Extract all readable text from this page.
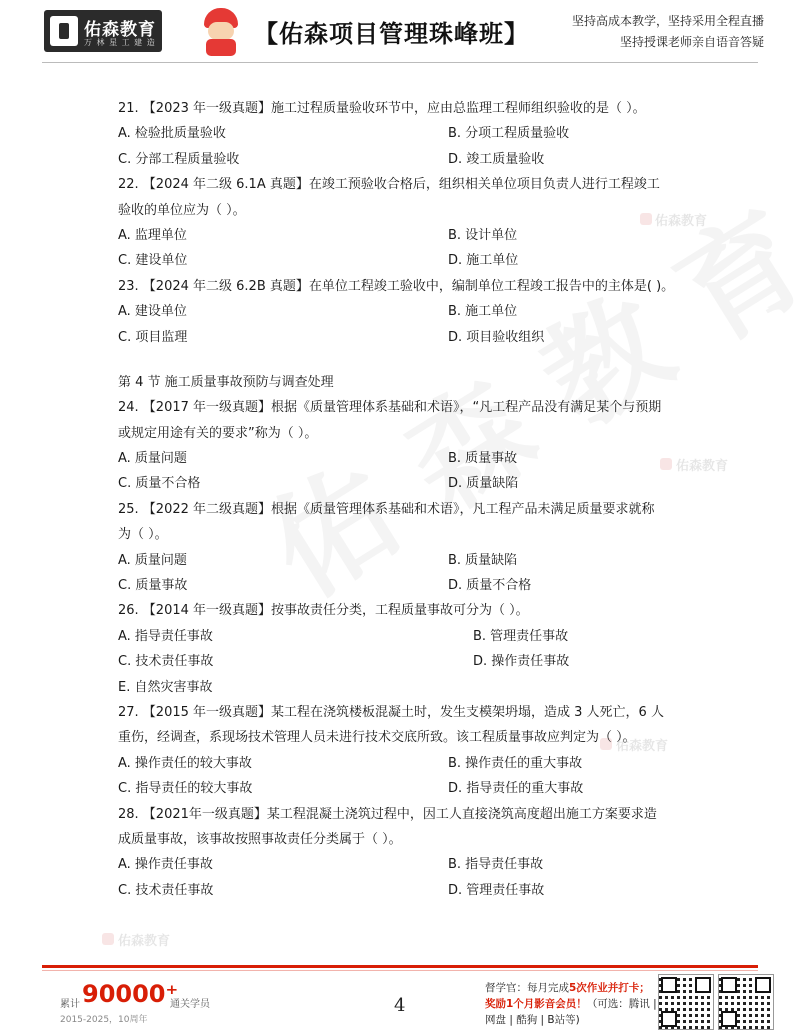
佑森教育
万 林 星 工 建 造	【佑森项目管理珠峰班】	坚持高成本教学，坚持采用全程直播
坚持授课老师亲自语音答疑
佑森教育
佑森教育
佑森教育
佑森教育
21. 【2023 年一级真题】施工过程质量验收环节中，应由总监理工程师组织验收的是（ ）。
A. 检验批质量验收	B. 分项工程质量验收
C. 分部工程质量验收	D. 竣工质量验收
22. 【2024 年二级 6.1A 真题】在竣工预验收合格后，组织相关单位项目负责人进行工程竣工
验收的单位应为（ ）。
A. 监理单位	B. 设计单位
C. 建设单位	D. 施工单位
23. 【2024 年二级 6.2B 真题】在单位工程竣工验收中，编制单位工程竣工报告中的主体是( )。
A. 建设单位	B. 施工单位
C. 项目监理	D. 项目验收组织
第 4 节 施工质量事故预防与调查处理
24. 【2017 年一级真题】根据《质量管理体系基础和术语》，“凡工程产品没有满足某个与预期
或规定用途有关的要求”称为（ ）。
A. 质量问题	B. 质量事故
C. 质量不合格	D. 质量缺陷
25. 【2022 年二级真题】根据《质量管理体系基础和术语》，凡工程产品未满足质量要求就称
为（ ）。
A. 质量问题	B. 质量缺陷
C. 质量事故	D. 质量不合格
26. 【2014 年一级真题】按事故责任分类，工程质量事故可分为（ ）。
A. 指导责任事故	B. 管理责任事故
C. 技术责任事故	D. 操作责任事故
E. 自然灾害事故
27. 【2015 年一级真题】某工程在浇筑楼板混凝土时，发生支模架坍塌，造成 3 人死亡，6 人
重伤，经调查，系现场技术管理人员未进行技术交底所致。该工程质量事故应判定为（ ）。
A. 操作责任的较大事故	B. 操作责任的重大事故
C. 指导责任的较大事故	D. 指导责任的重大事故
28. 【2021年一级真题】某工程混凝土浇筑过程中，因工人直接浇筑高度超出施工方案要求造
成质量事故，该事故按照事故责任分类属于（ ）。
A. 操作责任事故	B. 指导责任事故
C. 技术责任事故	D. 管理责任事故
累计 90000⁺
通关学员
2015-2025，10周年
4
督学官：每月完成5次作业并打卡；
奖励1个月影音会员！（可选：腾讯 |
网盘 | 酷狗 | B站等)
